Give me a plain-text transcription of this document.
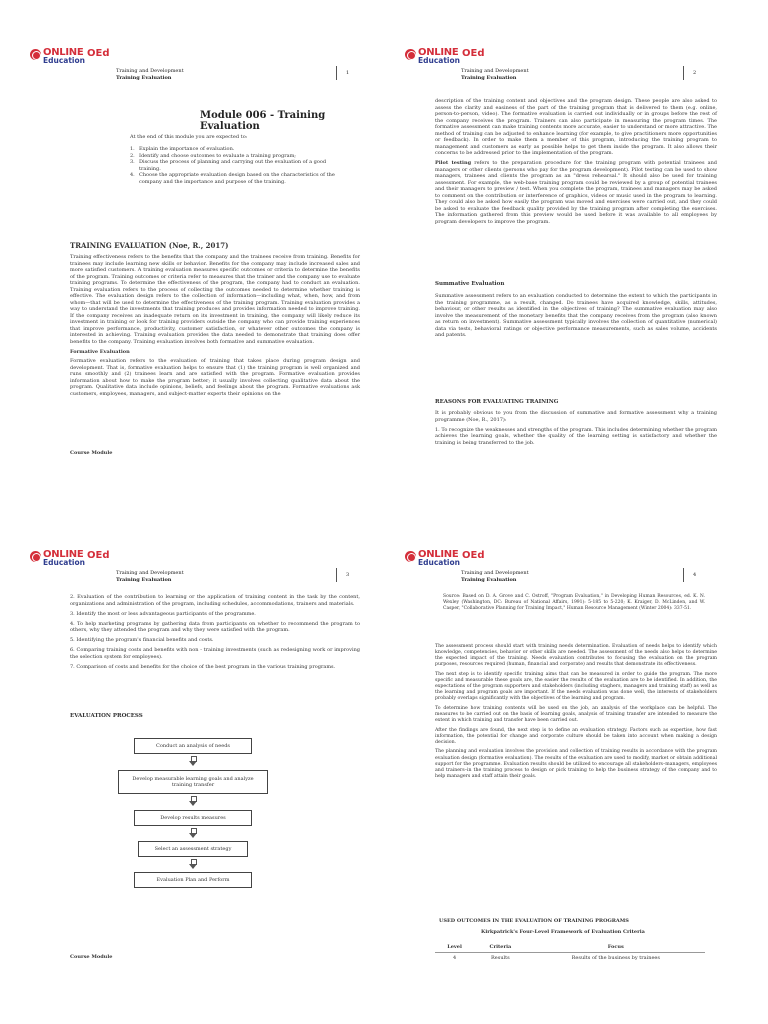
ONLINE
Education
OEd
Training and Development
Training Evaluation
1
Module 006 - Training Evaluation
At the end of this module you are expected to:
1. Explain the importance of evaluation.
2. Identify and choose outcomes to evaluate a training program;
3. Discuss the process of planning and carrying out the evaluation of a good training.
4. Choose the appropriate evaluation design based on the characteristics of the company and the importance and purpose of the training.
TRAINING EVALUATION (Noe, R., 2017)

Training effectiveness refers to the benefits that the company and the trainees receive from training. Benefits for trainees may include learning new skills or behavior. Benefits for the company may include increased sales and more satisfied customers. A training evaluation measures specific outcomes or criteria to determine the benefits of the program. Training outcomes or criteria refer to measures that the trainer and the company use to evaluate training programs. To determine the effectiveness of the program, the company had to conduct an evaluation. Training evaluation refers to the process of collecting the outcomes needed to determine whether training is effective. The evaluation design refers to the collection of information—including what, when, how, and from whom—that will be used to determine the effectiveness of the training program. Training evaluation provides a way to understand the investments that training produces and provides information needed to improve training. If the company receives an inadequate return on its investment in training, the company will likely reduce its investment in training or look for training providers outside the company who can provide training experiences that improve performance, productivity, customer satisfaction, or whatever other outcomes the company is interested in achieving. Training evaluation provides the data needed to demonstrate that training does offer benefits to the company. Training evaluation involves both formative and summative evaluation.

Formative Evaluation

Formative evaluation refers to the evaluation of training that takes place during program design and development. That is, formative evaluation helps to ensure that (1) the training program is well organized and runs smoothly and (2) trainees learn and are satisfied with the program. Formative evaluation provides information about how to make the program better; it usually involves collecting qualitative data about the program. Qualitative data include opinions, beliefs, and feelings about the program. Formative evaluations ask customers, employees, managers, and subject-matter experts their opinions on the

Course Module
ONLINE
Education
OEd
Training and Development
Training Evaluation
2

description of the training content and objectives and the program design. These people are also asked to assess the clarity and easiness of the part of the training program that is delivered to them (e.g. online, person-to-person, video). The formative evaluation is carried out individually or in groups before the rest of the company receives the program. Trainers can also participate in measuring the program times. The formative assessment can make training contents more accurate, easier to understand or more attractive. The method of training can be adjusted to enhance learning (for example, to give practitioners more opportunities or feedback). In order to make them a member of this program, introducing the training program to management and customers as early as possible helps to get them inside the program. It also allows their concerns to be addressed prior to the implementation of the program.

Pilot testing refers to the preparation procedure for the training program with potential trainees and managers or other clients (persons who pay for the program development). Pilot testing can be used to show managers, trainees and clients the program as an "dress rehearsal." It should also be used for training assessment. For example, the web-base training program could be reviewed by a group of potential trainees and their managers to preview / test. When you complete the program, trainees and managers may be asked to comment on the contribution or interference of graphics, videos or music used in the program to learning. They could also be asked how easily the program was moved and exercises were carried out, and they could be asked to evaluate the feedback quality provided by the training program after completing the exercises. The information gathered from this preview would be used before it was available to all employees by program developers to improve the program.

Summative Evaluation

Summative assessment refers to an evaluation conducted to determine the extent to which the participants in the training programme, as a result, changed. Do trainees have acquired knowledge, skills, attitudes, behaviour, or other results as identified in the objectives of training? The summative evaluation may also involve the measurement of the monetary benefits that the company receives from the program (also known as return on investment). Summative assessment typically involves the collection of quantitative (numerical) data via tests, behavioral ratings or objective performance measurements, such as sales volume, accidents and patents.

REASONS FOR EVALUATING TRAINING

It is probably obvious to you from the discussion of summative and formative assessment why a training programme (Noe, R., 2017):

1. To recognize the weaknesses and strengths of the program. This includes determining whether the program achieves the learning goals, whether the quality of the learning setting is satisfactory and whether the training is being transferred to the job.

ONLINE
Education
OEd
Training and Development
Training Evaluation
3

2. Evaluation of the contribution to learning or the application of training content in the task by the content, organizations and administration of the program, including schedules, accommodations, trainers and materials.

3. Identify the most or less advantageous participants of the programme.

4. To help marketing programs by gathering data from participants on whether to recommend the program to others, why they attended the program and why they were satisfied with the program.

5. Identifying the program's financial benefits and costs.

6. Comparing training costs and benefits with non - training investments (such as redesigning work or improving the selection system for employees).

7. Comparison of costs and benefits for the choice of the best program in the various training programs.

EVALUATION PROCESS
Conduct an analysis of needs
Develop measurable learning goals and analyze training transfer
Develop results measures
Select an assessment strategy
Evaluation Plan and Perform
Course Module
ONLINE
Education
OEd
Training and Development
Training Evaluation
4

Source: Based on D. A. Grove and C. Ostroff, "Program Evaluation," in Developing Human Resources, ed. K. N. Wexley (Washington, DC: Bureau of National Affairs, 1991): 5-185 to 5-220; K. Kraiger, D. McLinden, and W. Casper, "Collaborative Planning for Training Impact," Human Resource Management (Winter 2004): 337-51.

The assessment process should start with training needs determination. Evaluation of needs helps to identify which knowledge, competencies, behavior or other skills are needed. The assessment of the needs also helps to determine the expected impact of the training. Needs evaluation contributes to focusing the evaluation on the program purposes, resources required (human, financial and corporate) and results that demonstrate its effectiveness.

The next step is to identify specific training aims that can be measured in order to guide the program. The more specific and measurable these goals are, the easier the results of the evaluation are to be identified. In addition, the expectations of the program supporters and stakeholders (including staghers, managers and training staff) as well as the learning and program goals are important. If the needs evaluation was done well, the interests of stakeholders probably overlaps significantly with the objectives of the learning and program.

To determine how training contents will be used on the job, an analysis of the workplace can be helpful. The measures to be carried out on the basis of learning goals, analysis of training transfer are intended to measure the extent in which training and transfer have been carried out.

After the findings are found, the next step is to define an evaluation strategy. Factors such as expertise, how fast information, the potential for change and corporate culture should be taken into account when making a design decision.

The planning and evaluation involves the provision and collection of training results in accordance with the program evaluation design (formative evaluation). The results of the evaluation are used to modify, market or obtain additional support for the programme. Evaluation results should be utilized to encourage all stakeholders–managers, employees and trainers–in the training process to design or pick training to help the business strategy of the company and to help managers and staff attain their goals.

USED OUTCOMES IN THE EVALUATION OF TRAINING PROGRAMS
Kirkpatrick's Four-Level Framework of Evaluation Criteria
Level	Criteria	Focus
4	Results	Results of the business by trainees
